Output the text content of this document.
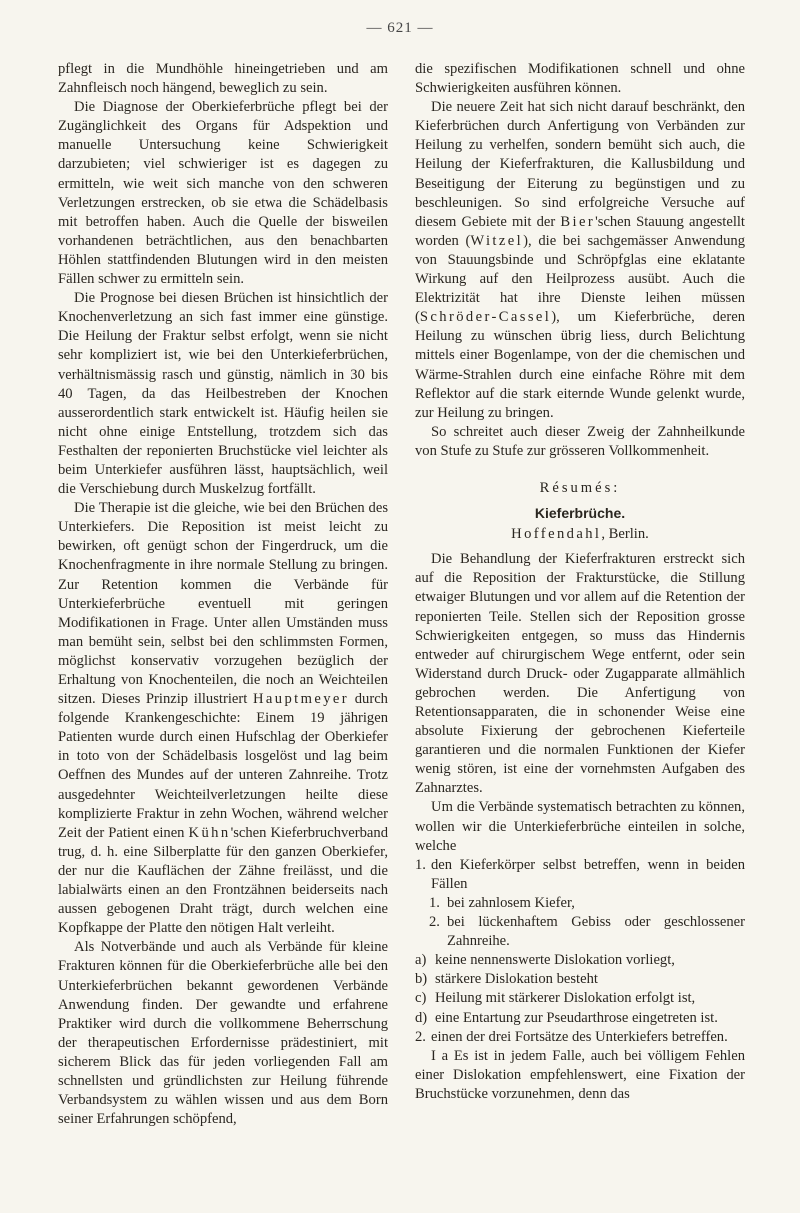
— 621 —

pflegt in die Mundhöhle hineingetrieben und am Zahnfleisch noch hängend, beweglich zu sein.

Die Diagnose der Oberkieferbrüche pflegt bei der Zugänglichkeit des Organs für Adspektion und manuelle Untersuchung keine Schwierigkeit darzubieten; viel schwieriger ist es dagegen zu ermitteln, wie weit sich manche von den schweren Verletzungen erstrecken, ob sie etwa die Schädelbasis mit betroffen haben. Auch die Quelle der bisweilen vorhandenen beträchtlichen, aus den benachbarten Höhlen stattfindenden Blutungen wird in den meisten Fällen schwer zu ermitteln sein.

Die Prognose bei diesen Brüchen ist hinsichtlich der Knochenverletzung an sich fast immer eine günstige. Die Heilung der Fraktur selbst erfolgt, wenn sie nicht sehr kompliziert ist, wie bei den Unterkieferbrüchen, verhältnismässig rasch und günstig, nämlich in 30 bis 40 Tagen, da das Heilbestreben der Knochen ausserordentlich stark entwickelt ist. Häufig heilen sie nicht ohne einige Entstellung, trotzdem sich das Festhalten der reponierten Bruchstücke viel leichter als beim Unterkiefer ausführen lässt, hauptsächlich, weil die Verschiebung durch Muskelzug fortfällt.

Die Therapie ist die gleiche, wie bei den Brüchen des Unterkiefers. Die Reposition ist meist leicht zu bewirken, oft genügt schon der Fingerdruck, um die Knochenfragmente in ihre normale Stellung zu bringen. Zur Retention kommen die Verbände für Unterkieferbrüche eventuell mit geringen Modifikationen in Frage. Unter allen Umständen muss man bemüht sein, selbst bei den schlimmsten Formen, möglichst konservativ vorzugehen bezüglich der Erhaltung von Knochenteilen, die noch an Weichteilen sitzen. Dieses Prinzip illustriert Hauptmeyer durch folgende Krankengeschichte: Einem 19 jährigen Patienten wurde durch einen Hufschlag der Oberkiefer in toto von der Schädelbasis losgelöst und lag beim Oeffnen des Mundes auf der unteren Zahnreihe. Trotz ausgedehnter Weichteilverletzungen heilte diese komplizierte Fraktur in zehn Wochen, während welcher Zeit der Patient einen Kühn'schen Kieferbruchverband trug, d. h. eine Silberplatte für den ganzen Oberkiefer, der nur die Kauflächen der Zähne freilässt, und die labialwärts einen an den Frontzähnen beiderseits nach aussen gebogenen Draht trägt, durch welchen eine Kopfkappe der Platte den nötigen Halt verleiht.

Als Notverbände und auch als Verbände für kleine Frakturen können für die Oberkieferbrüche alle bei den Unterkieferbrüchen bekannt gewordenen Verbände Anwendung finden. Der gewandte und erfahrene Praktiker wird durch die vollkommene Beherrschung der therapeutischen Erfordernisse prädestiniert, mit sicherem Blick das für jeden vorliegenden Fall am schnellsten und gründlichsten zur Heilung führende Verbandsystem zu wählen wissen und aus dem Born seiner Erfahrungen schöpfend,

die spezifischen Modifikationen schnell und ohne Schwierigkeiten ausführen können.

Die neuere Zeit hat sich nicht darauf beschränkt, den Kieferbrüchen durch Anfertigung von Verbänden zur Heilung zu verhelfen, sondern bemüht sich auch, die Heilung der Kieferfrakturen, die Kallusbildung und Beseitigung der Eiterung zu begünstigen und zu beschleunigen. So sind erfolgreiche Versuche auf diesem Gebiete mit der Bier'schen Stauung angestellt worden (Witzel), die bei sachgemässer Anwendung von Stauungsbinde und Schröpfglas eine eklatante Wirkung auf den Heilprozess ausübt. Auch die Elektrizität hat ihre Dienste leihen müssen (Schröder-Cassel), um Kieferbrüche, deren Heilung zu wünschen übrig liess, durch Belichtung mittels einer Bogenlampe, von der die chemischen und Wärme-Strahlen durch eine einfache Röhre mit dem Reflektor auf die stark eiternde Wunde gelenkt wurde, zur Heilung zu bringen.

So schreitet auch dieser Zweig der Zahnheilkunde von Stufe zu Stufe zur grösseren Vollkommenheit.

Résumés:
Kieferbrüche.
Hoffendahl, Berlin.

Die Behandlung der Kieferfrakturen erstreckt sich auf die Reposition der Frakturstücke, die Stillung etwaiger Blutungen und vor allem auf die Retention der reponierten Teile. Stellen sich der Reposition grosse Schwierigkeiten entgegen, so muss das Hindernis entweder auf chirurgischem Wege entfernt, oder sein Widerstand durch Druck- oder Zugapparate allmählich gebrochen werden. Die Anfertigung von Retentionsapparaten, die in schonender Weise eine absolute Fixierung der gebrochenen Kieferteile garantieren und die normalen Funktionen der Kiefer wenig stören, ist eine der vornehmsten Aufgaben des Zahnarztes.

Um die Verbände systematisch betrachten zu können, wollen wir die Unterkieferbrüche einteilen in solche, welche

1. den Kieferkörper selbst betreffen, wenn in beiden Fällen
1. bei zahnlosem Kiefer,
2. bei lückenhaftem Gebiss oder geschlossener Zahnreihe.
a) keine nennenswerte Dislokation vorliegt,
b) stärkere Dislokation besteht
c) Heilung mit stärkerer Dislokation erfolgt ist,
d) eine Entartung zur Pseudarthrose eingetreten ist.
2. einen der drei Fortsätze des Unterkiefers betreffen.

I a Es ist in jedem Falle, auch bei völligem Fehlen einer Dislokation empfehlenswert, eine Fixation der Bruchstücke vorzunehmen, denn das
